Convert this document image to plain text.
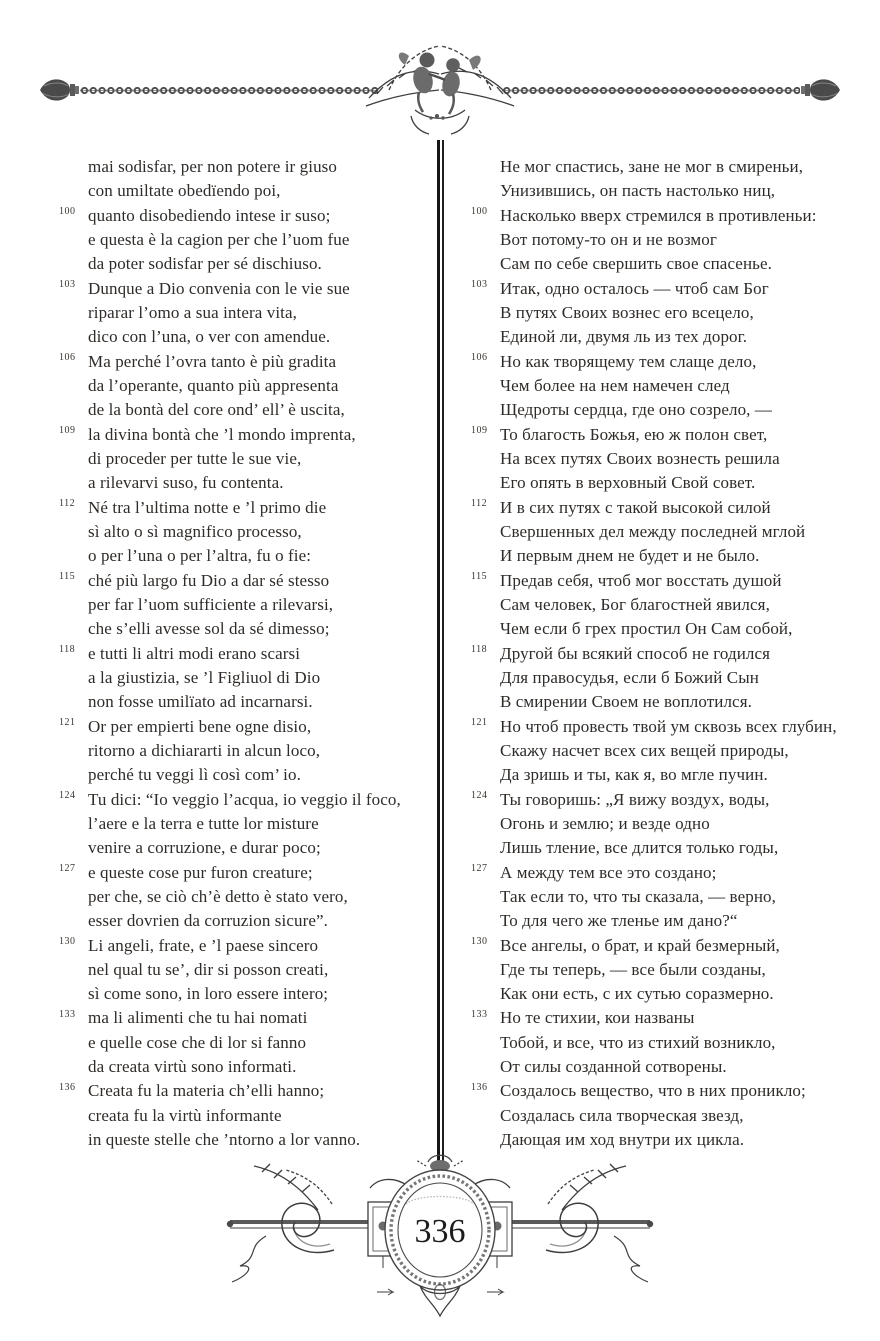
mai sodisfar, per non potere ir giuso
con umiltate obedïendo poi,
100 quanto disobediendo intese ir suso;
e questa è la cagion per che l’uom fue
da poter sodisfar per sé dischiuso.
103 Dunque a Dio convenia con le vie sue
riparar l’omo a sua intera vita,
dico con l’una, o ver con amendue.
106 Ma perché l’ovra tanto è più gradita
da l’operante, quanto più appresenta
de la bontà del core ond’ ell’ è uscita,
109 la divina bontà che ’l mondo imprenta,
di proceder per tutte le sue vie,
a rilevarvi suso, fu contenta.
112 Né tra l’ultima notte e ’l primo die
sì alto o sì magnifico processo,
o per l’una o per l’altra, fu o fie:
115 ché più largo fu Dio a dar sé stesso
per far l’uom sufficiente a rilevarsi,
che s’elli avesse sol da sé dimesso;
118 e tutti li altri modi erano scarsi
a la giustizia, se ’l Figliuol di Dio
non fosse umilïato ad incarnarsi.
121 Or per empierti bene ogne disio,
ritorno a dichiararti in alcun loco,
perché tu veggi lì così com’ io.
124 Tu dici: “Io veggio l’acqua, io veggio il foco,
l’aere e la terra e tutte lor misture
venire a corruzione, e durar poco;
127 e queste cose pur furon creature;
per che, se ciò ch’è detto è stato vero,
esser dovrien da corruzion sicure”.
130 Li angeli, frate, e ’l paese sincero
nel qual tu se’, dir si posson creati,
sì come sono, in loro essere intero;
133 ma li alimenti che tu hai nomati
e quelle cose che di lor si fanno
da creata virtù sono informati.
136 Creata fu la materia ch’elli hanno;
creata fu la virtù informante
in queste stelle che ’ntorno a lor vanno.
Не мог спастись, зане не мог в смиреньи,
Унизившись, он пасть настолько ниц,
100 Насколько вверх стремился в противленьи:
Вот потому-то он и не возмог
Сам по себе свершить свое спасенье.
103 Итак, одно осталось — чтоб сам Бог
В путях Своих вознес его всецело,
Единой ли, двумя ль из тех дорог.
106 Но как творящему тем слаще дело,
Чем более на нем намечен след
Щедроты сердца, где оно созрело, —
109 То благость Божья, ею ж полон свет,
На всех путях Своих вознесть решила
Его опять в верховный Свой совет.
112 И в сих путях с такой высокой силой
Свершенных дел между последней мглой
И первым днем не будет и не было.
115 Предав себя, чтоб мог восстать душой
Сам человек, Бог благостней явился,
Чем если б грех простил Он Сам собой,
118 Другой бы всякий способ не годился
Для правосудья, если б Божий Сын
В смирении Своем не воплотился.
121 Но чтоб провесть твой ум сквозь всех глубин,
Скажу насчет всех сих вещей природы,
Да зришь и ты, как я, во мгле пучин.
124 Ты говоришь: „Я вижу воздух, воды,
Огонь и землю; и везде одно
Лишь тление, все длится только годы,
127 А между тем все это создано;
Так если то, что ты сказала, — верно,
То для чего же тленье им дано?“
130 Все ангелы, о брат, и край безмерный,
Где ты теперь, — все были созданы,
Как они есть, с их сутью соразмерно.
133 Но те стихии, кои названы
Тобой, и все, что из стихий возникло,
От силы созданной сотворены.
136 Создалось вещество, что в них проникло;
Создалась сила творческая звезд,
Дающая им ход внутри их цикла.
336
